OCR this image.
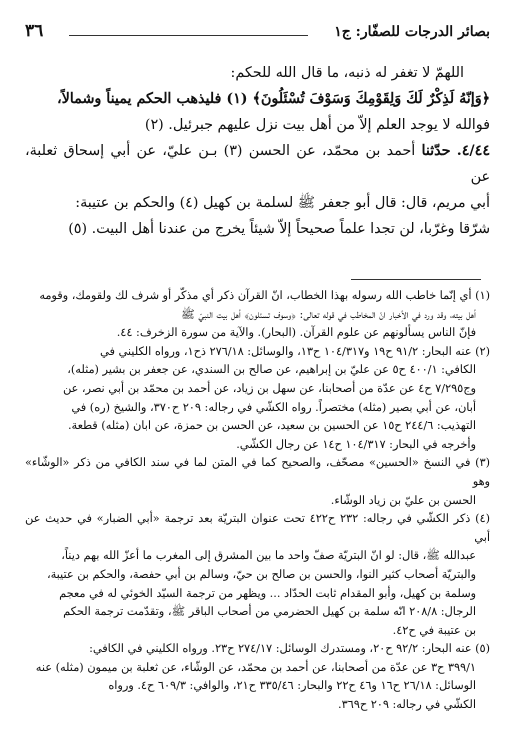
بصائر الدرجات للصفّار: ج١
٣٦

اللهمّ لا تغفر له ذنبه، ما قال الله للحكم:

﴿وَإنّهُ لَذِكْرٌ لَكَ وَلِقَوْمِكَ وَسَوْفَ تُسْئَلُونَ﴾ (١) فليذهب الحكم يميناً وشمالاً،

فوالله لا يوجد العلم إلاّ من أهل بيت نزل عليهم جبرئيل. (٢)

٤/٤٤. حدّثنا أحمد بن محمّد، عن الحسن (٣) بـن عليّ، عن أبي إسحاق ثعلبة، عن

أبي مريم، قال: قال أبو جعفر ﷺ لسلمة بن كهيل (٤) والحكم بن عتيبة:

شرّقا وغرّبا، لن تجدا علماً صحيحاً إلاّ شيئاً يخرج من عندنا أهل البيت. (٥)

(١) أي إنّما خاطب الله رسوله بهذا الخطاب، انّ القرآن ذكر أي مذكّر أو شرف لك ولقومك، وقومه

أهل بيته، وقد ورد في الأخبار انّ المخاطب في قوله تعالى: ﴿وسوف تسئلون﴾ أهل بيت النبيّ ﷺ

فإنّ الناس يسألونهم عن علوم القرآن. (البحار). والآية من سورة الزخرف: ٤٤.

(٢) عنه البحار: ٩١/٢ ح١٩ و١٠٤/٣١٧ ح١٣، والوسائل: ٢٧٦/١٨ ذح١، ورواه الكليني في

الكافي: ٤٠٠/١ ح٥ عن عليّ بن إبراهيم، عن صالح بن السندي، عن جعفر بن بشير (مثله)،

وج٧/٢٩٥ ح٤ عن عدّة من أصحابنا، عن سهل بن زياد، عن أحمد بن محمّد بن أبي نصر، عن

أبان، عن أبي بصير (مثله) مختصراً. رواه الكشّي في رجاله: ٢٠٩ ح٣٧٠، والشيخ (ره) في

التهذيب: ٢٤٤/٦ ح١٥ عن الحسين بن سعيد، عن الحسن بن حمزة، عن ابان (مثله) قطعة.

وأخرجه في البحار: ١٠٤/٣١٧ ح١٤ عن رجال الكشّي.

(٣) في النسخ «الحسين» مصحّف، والصحيح كما في المتن لما في سند الكافي من ذكر «الوشّاء» وهو

الحسن بن عليّ بن زياد الوشّاء.

(٤) ذكر الكشّي في رجاله: ٢٣٢ ح٤٢٢ تحت عنوان البتريّة بعد ترجمة «أبي الضبار» في حديث عن أبي

عبدالله ﷺ، قال: لو انّ البتريّة صفّ واحد ما بين المشرق إلى المغرب ما أعزّ الله بهم ديناً،

والبتريّة أصحاب كثير النوا، والحسن بن صالح بن حيّ، وسالم بن أبي حفصة، والحكم بن عتيبة،

وسلمة بن كهيل، وأبو المقدام ثابت الحدّاد ... ويظهر من ترجمة السيّد الخوئي له في معجم

الرجال: ٢٠٨/٨ انّه سلمة بن كهيل الحضرمي من أصحاب الباقر ﷺ، وتقدّمت ترجمة الحكم

بن عتيبة في ح٤٢.

(٥) عنه البحار: ٩٢/٢ ح٢٠، ومستدرك الوسائل: ٢٧٤/١٧ ح٢٣. ورواه الكليني في الكافي:

٣٩٩/١ ح٣ عن عدّة من أصحابنا، عن أحمد بن محمّد، عن الوشّاء، عن ثعلبة بن ميمون (مثله) عنه

الوسائل: ٢٦/١٨ ح١٦ و٤٦ ح٢٢ والبحار: ٣٣٥/٤٦ ح٢١، والوافي: ٦٠٩/٣ ح٤. ورواه

الكشّي في رجاله: ٢٠٩ ح٣٦٩.
